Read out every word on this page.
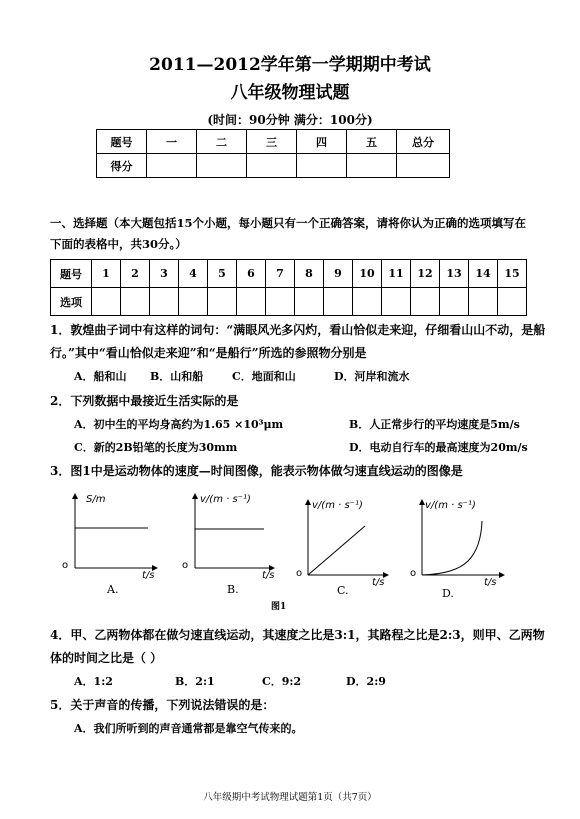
2011—2012学年第一学期期中考试
八年级物理试题
(时间：90分钟 满分：100分)
题号	一	二	三	四	五	总分
得分						
一、选择题（本大题包括15个小题，每小题只有一个正确答案，请将你认为正确的选项填写在
下面的表格中，共30分。）
题号	1	2	3	4	5	6	7	8	9	10	11	12	13	14	15
选项															
1．敦煌曲子词中有这样的词句：“满眼风光多闪灼，看山恰似走来迎，仔细看山山不动，是船
行。”其中“看山恰似走来迎”和“是船行”所选的参照物分别是
A．船和山 B．山和船	C．地面和山	D．河岸和流水
2．下列数据中最接近生活实际的是
A．初中生的平均身高约为1.65 ×10³μm	B．人正常步行的平均速度是5m/s
C．新的2B铅笔的长度为30mm	D．电动自行车的最高速度为20m/s
3．图1中是运动物体的速度—时间图像，能表示物体做匀速直线运动的图像是
S/m
o
t/s
A.
v/(m · s⁻¹)
o
t/s
B.
v/(m · s⁻¹)
o
t/s
C.
v/(m · s⁻¹)
o
t/s
D.
图1
4．甲、乙两物体都在做匀速直线运动，其速度之比是3:1，其路程之比是2:3，则甲、乙两物
体的时间之比是（ ）
A．1:2	B．2:1	C．9:2	D．2:9
5．关于声音的传播，下列说法错误的是：
A．我们所听到的声音通常都是靠空气传来的。
八年级期中考试物理试题第1页（共7页）
